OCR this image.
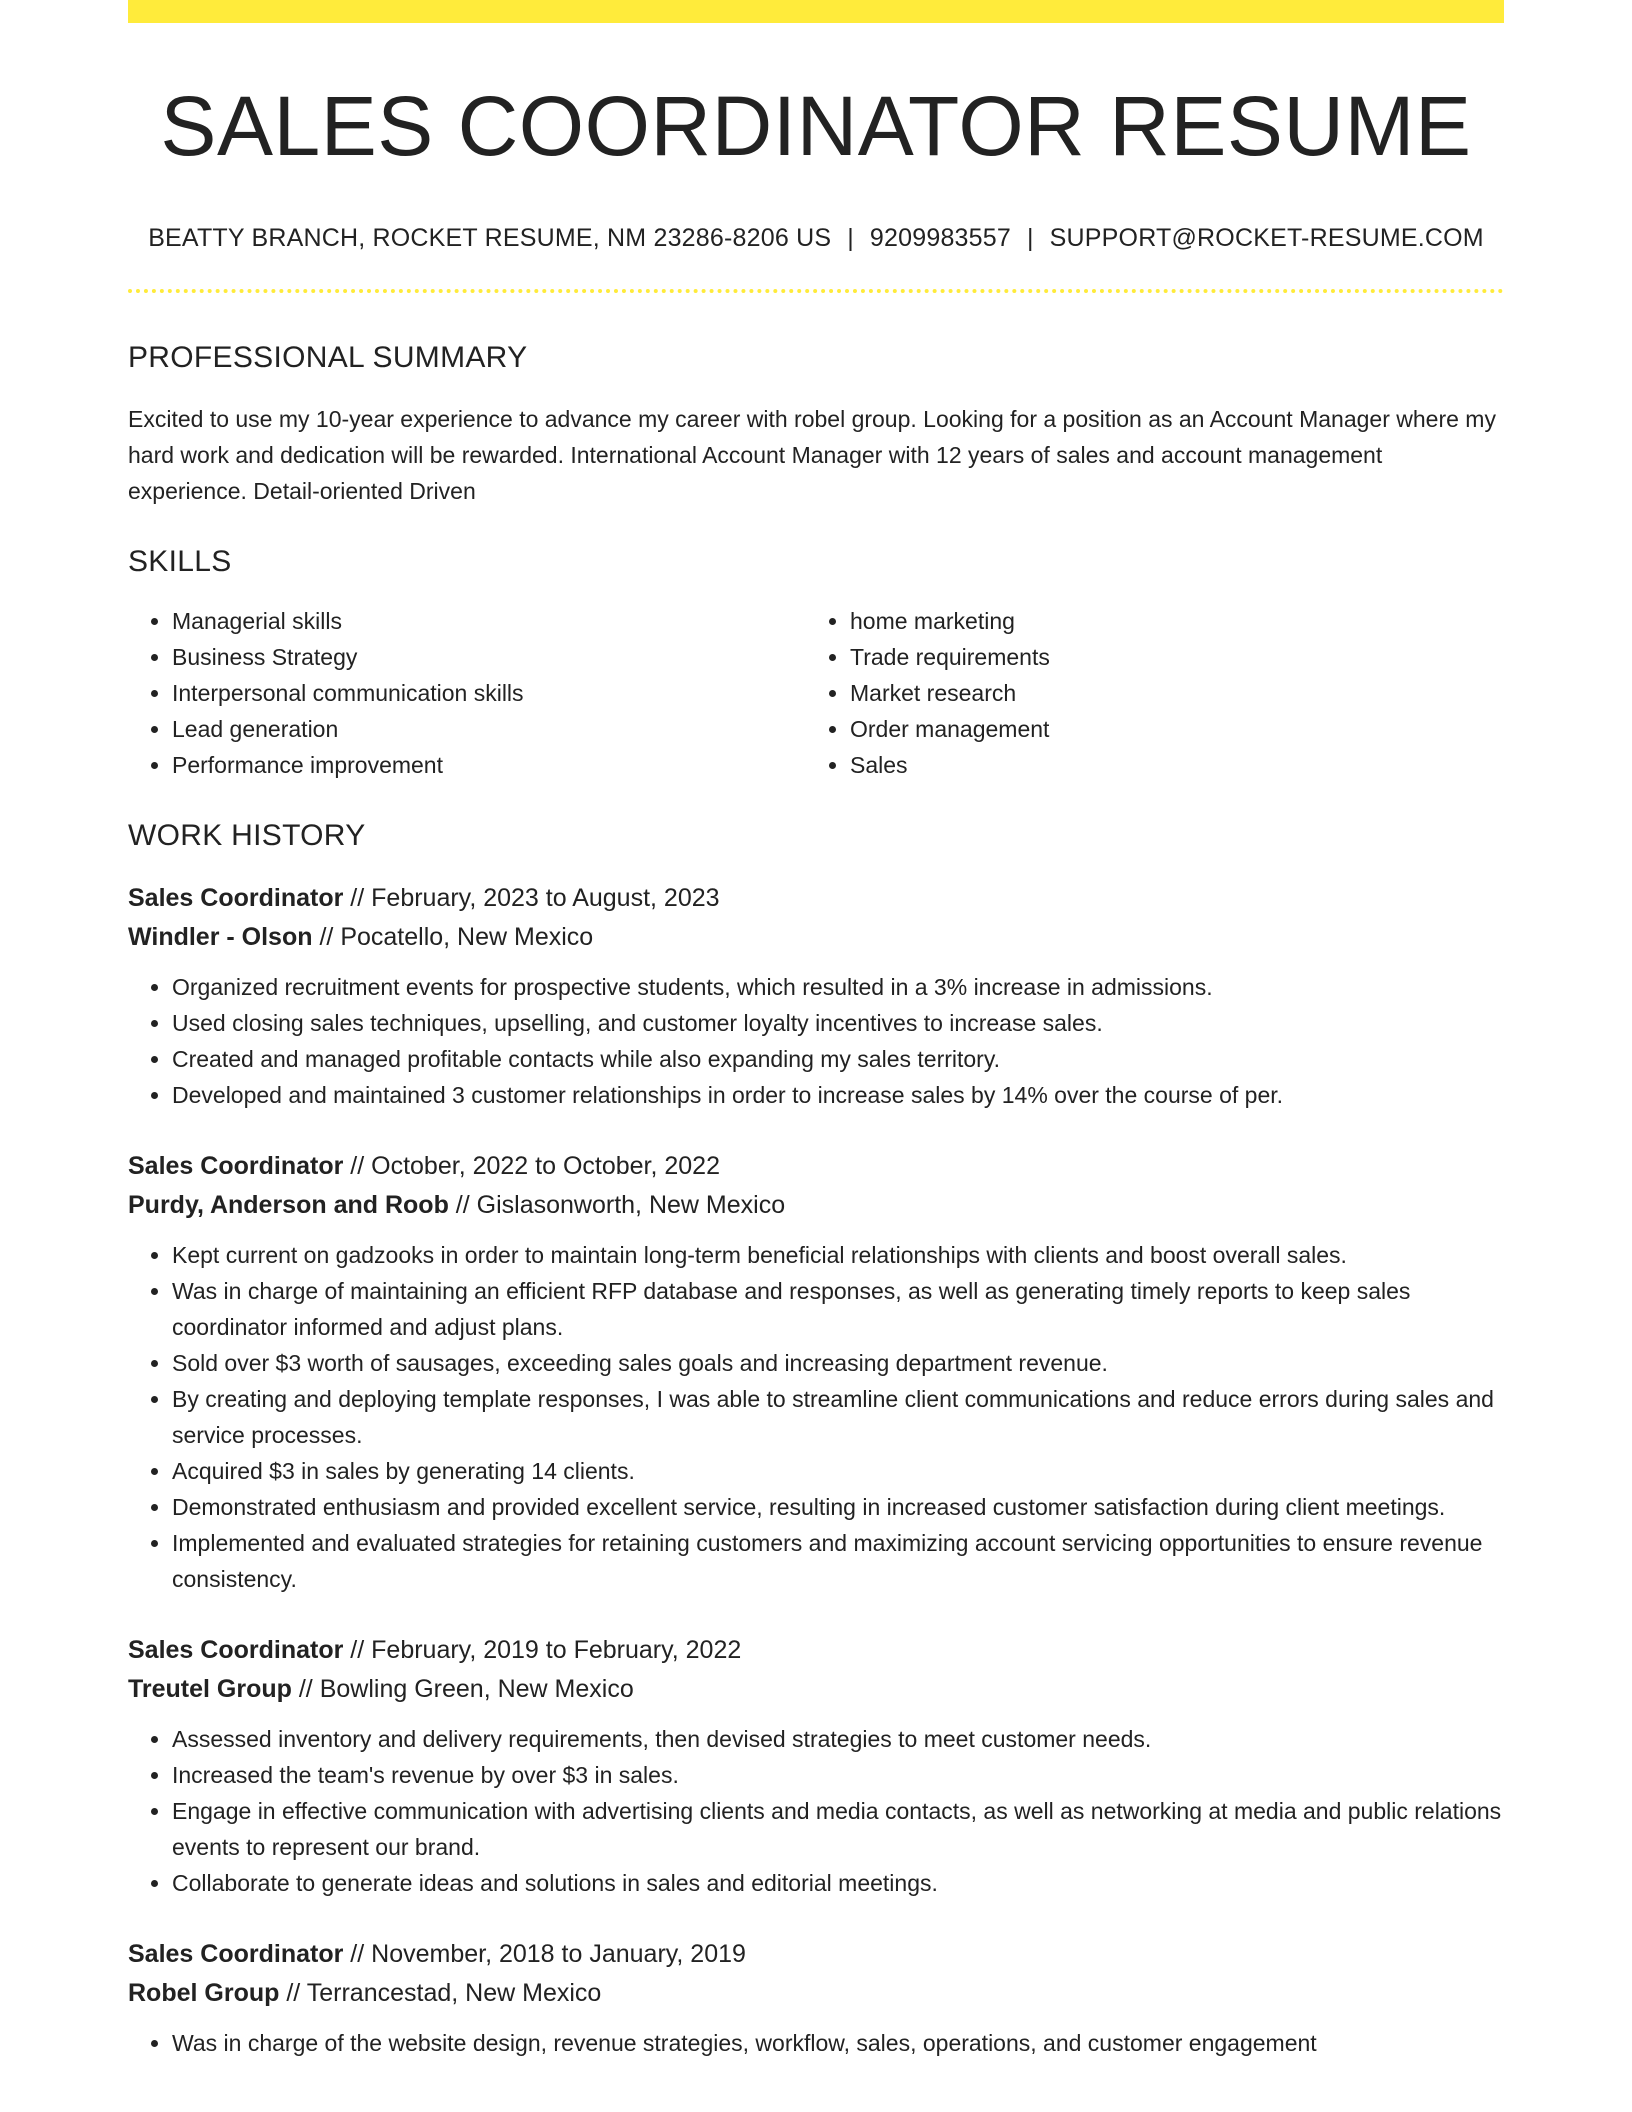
SALES COORDINATOR RESUME
BEATTY BRANCH, ROCKET RESUME, NM 23286-8206 US | 9209983557 | SUPPORT@ROCKET-RESUME.COM
PROFESSIONAL SUMMARY
Excited to use my 10-year experience to advance my career with robel group. Looking for a position as an Account Manager where my hard work and dedication will be rewarded. International Account Manager with 12 years of sales and account management experience. Detail-oriented Driven
SKILLS
• Managerial skills
• Business Strategy
• Interpersonal communication skills
• Lead generation
• Performance improvement
• home marketing
• Trade requirements
• Market research
• Order management
• Sales
WORK HISTORY
Sales Coordinator // February, 2023 to August, 2023
Windler - Olson // Pocatello, New Mexico
• Organized recruitment events for prospective students, which resulted in a 3% increase in admissions.
• Used closing sales techniques, upselling, and customer loyalty incentives to increase sales.
• Created and managed profitable contacts while also expanding my sales territory.
• Developed and maintained 3 customer relationships in order to increase sales by 14% over the course of per.
Sales Coordinator // October, 2022 to October, 2022
Purdy, Anderson and Roob // Gislasonworth, New Mexico
• Kept current on gadzooks in order to maintain long-term beneficial relationships with clients and boost overall sales.
• Was in charge of maintaining an efficient RFP database and responses, as well as generating timely reports to keep sales coordinator informed and adjust plans.
• Sold over $3 worth of sausages, exceeding sales goals and increasing department revenue.
• By creating and deploying template responses, I was able to streamline client communications and reduce errors during sales and service processes.
• Acquired $3 in sales by generating 14 clients.
• Demonstrated enthusiasm and provided excellent service, resulting in increased customer satisfaction during client meetings.
• Implemented and evaluated strategies for retaining customers and maximizing account servicing opportunities to ensure revenue consistency.
Sales Coordinator // February, 2019 to February, 2022
Treutel Group // Bowling Green, New Mexico
• Assessed inventory and delivery requirements, then devised strategies to meet customer needs.
• Increased the team's revenue by over $3 in sales.
• Engage in effective communication with advertising clients and media contacts, as well as networking at media and public relations events to represent our brand.
• Collaborate to generate ideas and solutions in sales and editorial meetings.
Sales Coordinator // November, 2018 to January, 2019
Robel Group // Terrancestad, New Mexico
• Was in charge of the website design, revenue strategies, workflow, sales, operations, and customer engagement
